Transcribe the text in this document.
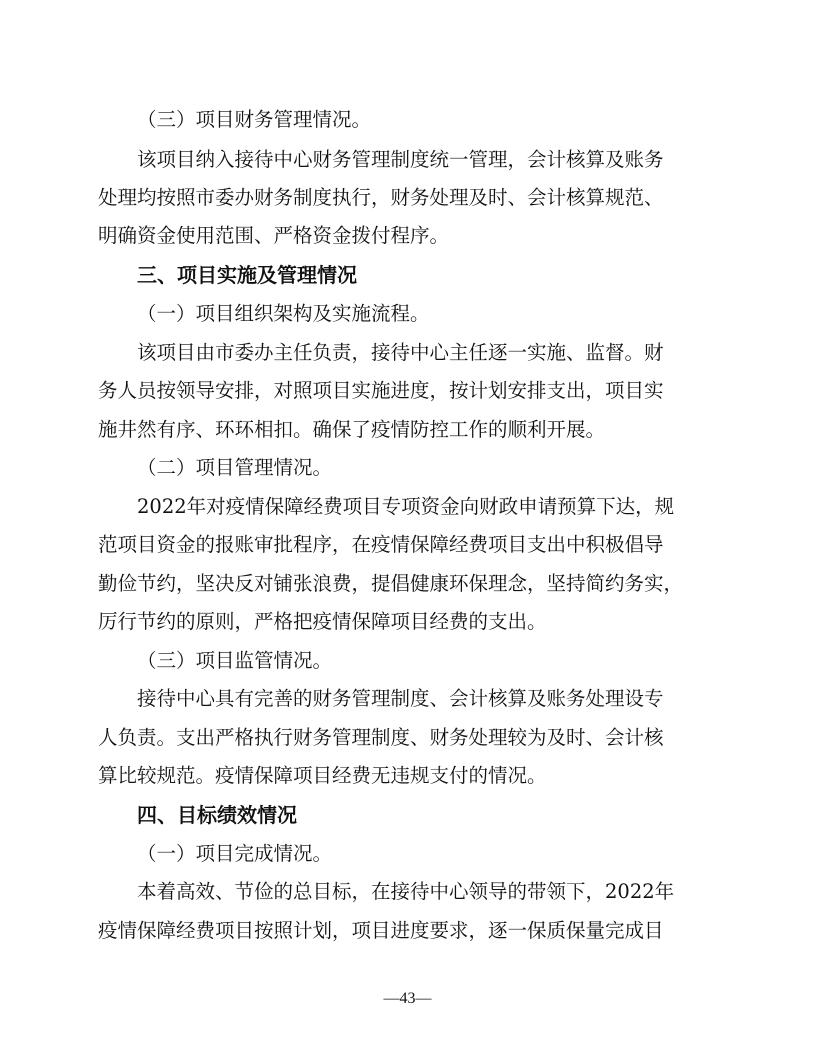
（三）项目财务管理情况。
该项目纳入接待中心财务管理制度统一管理，会计核算及账务
处理均按照市委办财务制度执行，财务处理及时、会计核算规范、
明确资金使用范围、严格资金拨付程序。
三、项目实施及管理情况
（一）项目组织架构及实施流程。
该项目由市委办主任负责，接待中心主任逐一实施、监督。财
务人员按领导安排，对照项目实施进度，按计划安排支出，项目实
施井然有序、环环相扣。确保了疫情防控工作的顺利开展。
（二）项目管理情况。
2022年对疫情保障经费项目专项资金向财政申请预算下达，规
范项目资金的报账审批程序，在疫情保障经费项目支出中积极倡导
勤俭节约，坚决反对铺张浪费，提倡健康环保理念，坚持简约务实，
厉行节约的原则，严格把疫情保障项目经费的支出。
（三）项目监管情况。
接待中心具有完善的财务管理制度、会计核算及账务处理设专
人负责。支出严格执行财务管理制度、财务处理较为及时、会计核
算比较规范。疫情保障项目经费无违规支付的情况。
四、目标绩效情况
（一）项目完成情况。
本着高效、节俭的总目标，在接待中心领导的带领下，2022年
疫情保障经费项目按照计划，项目进度要求，逐一保质保量完成目
—43—
